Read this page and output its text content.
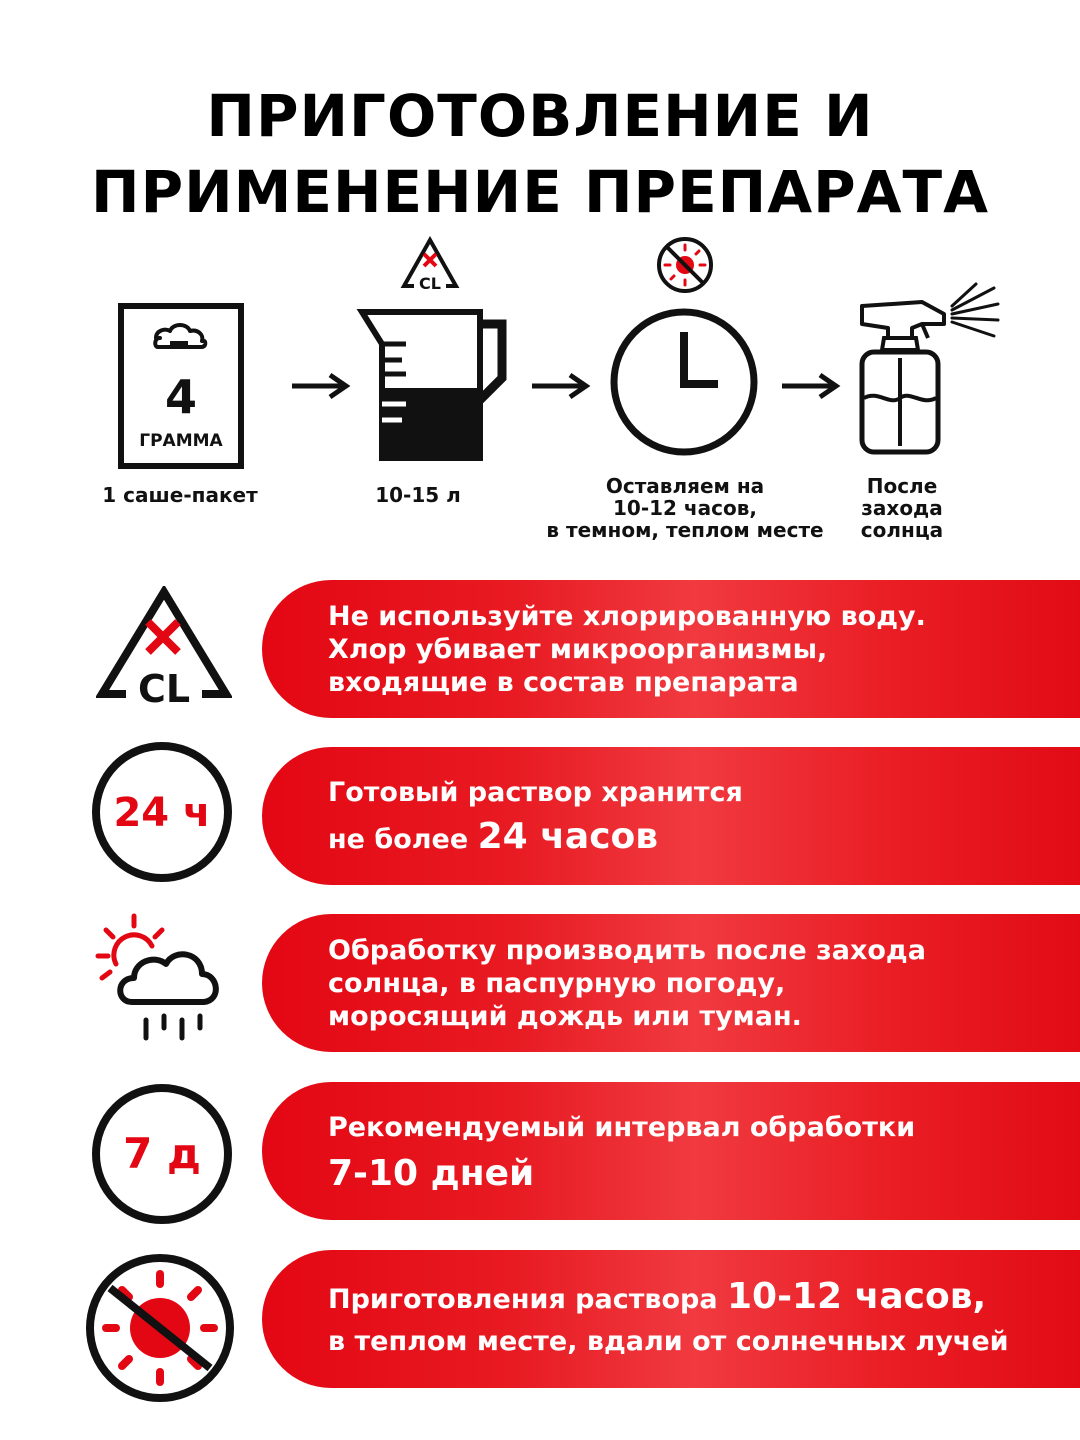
ПРИГОТОВЛЕНИЕ И
ПРИМЕНЕНИЕ ПРЕПАРАТА
4
ГРАММА
1 саше-пакет
CL
10-15 л	Оставляем на
10-12 часов,
в темном, теплом месте
После
захода
солнца
CL
Не используйте хлорированную воду.
Хлор убивает микроорганизмы,
входящие в состав препарата
24 ч	Готовый раствор хранится
не более 24 часов
Обработку производить после захода
солнца, в паспурную погоду,
моросящий дождь или туман.
7 д
Рекомендуемый интервал обработки
7-10 дней
Приготовления раствора 10-12 часов,
в теплом месте, вдали от солнечных лучей
